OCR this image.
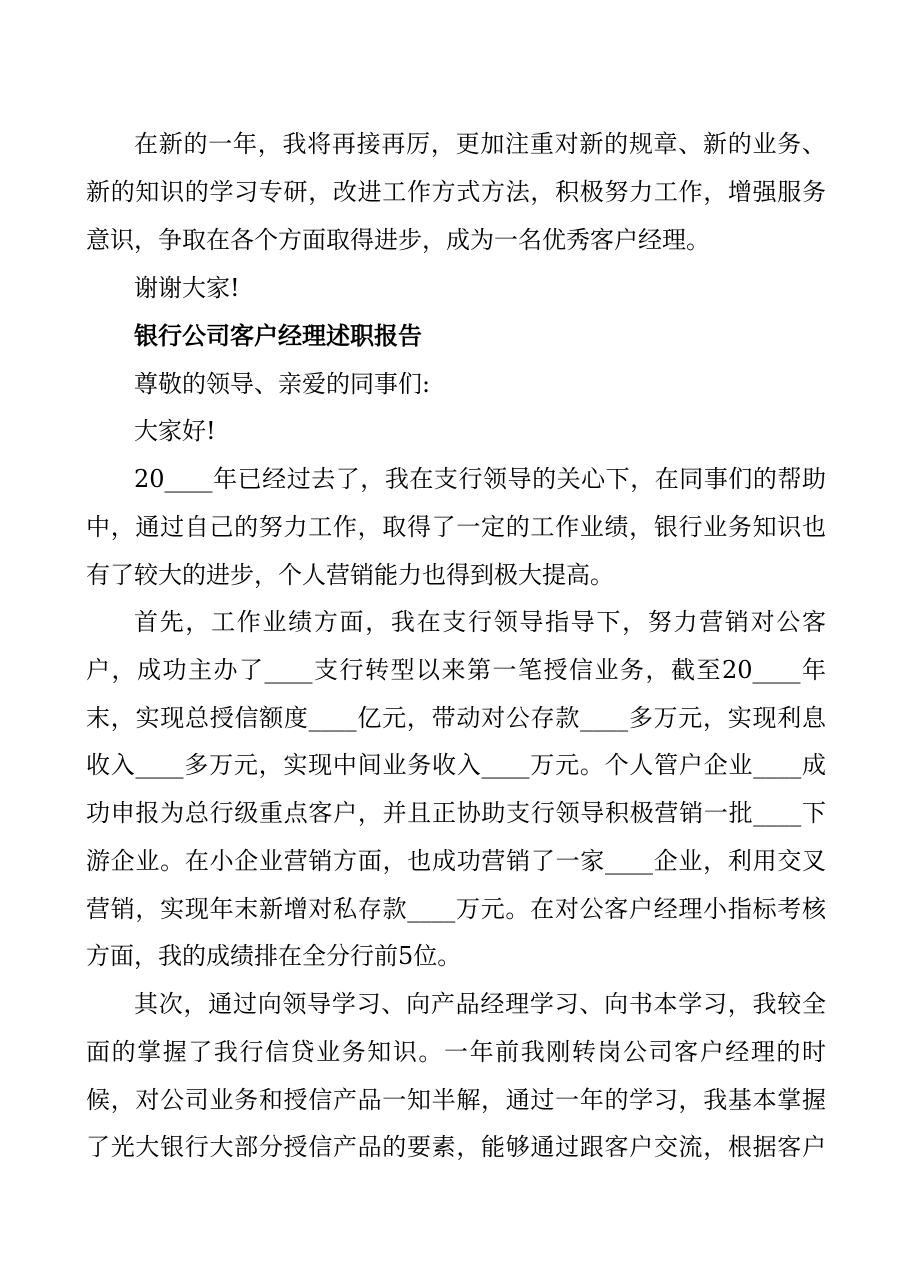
在新的一年，我将再接再厉，更加注重对新的规章、新的业务、
新的知识的学习专研，改进工作方式方法，积极努力工作，增强服务
意识，争取在各个方面取得进步，成为一名优秀客户经理。
谢谢大家!
银行公司客户经理述职报告
尊敬的领导、亲爱的同事们:
大家好!
20____年已经过去了，我在支行领导的关心下，在同事们的帮助
中，通过自己的努力工作，取得了一定的工作业绩，银行业务知识也
有了较大的进步，个人营销能力也得到极大提高。
首先，工作业绩方面，我在支行领导指导下，努力营销对公客
户，成功主办了____支行转型以来第一笔授信业务，截至20____年
末，实现总授信额度____亿元，带动对公存款____多万元，实现利息
收入____多万元，实现中间业务收入____万元。个人管户企业____成
功申报为总行级重点客户，并且正协助支行领导积极营销一批____下
游企业。在小企业营销方面，也成功营销了一家____企业，利用交叉
营销，实现年末新增对私存款____万元。在对公客户经理小指标考核
方面，我的成绩排在全分行前5位。
其次，通过向领导学习、向产品经理学习、向书本学习，我较全
面的掌握了我行信贷业务知识。一年前我刚转岗公司客户经理的时
候，对公司业务和授信产品一知半解，通过一年的学习，我基本掌握
了光大银行大部分授信产品的要素，能够通过跟客户交流，根据客户
